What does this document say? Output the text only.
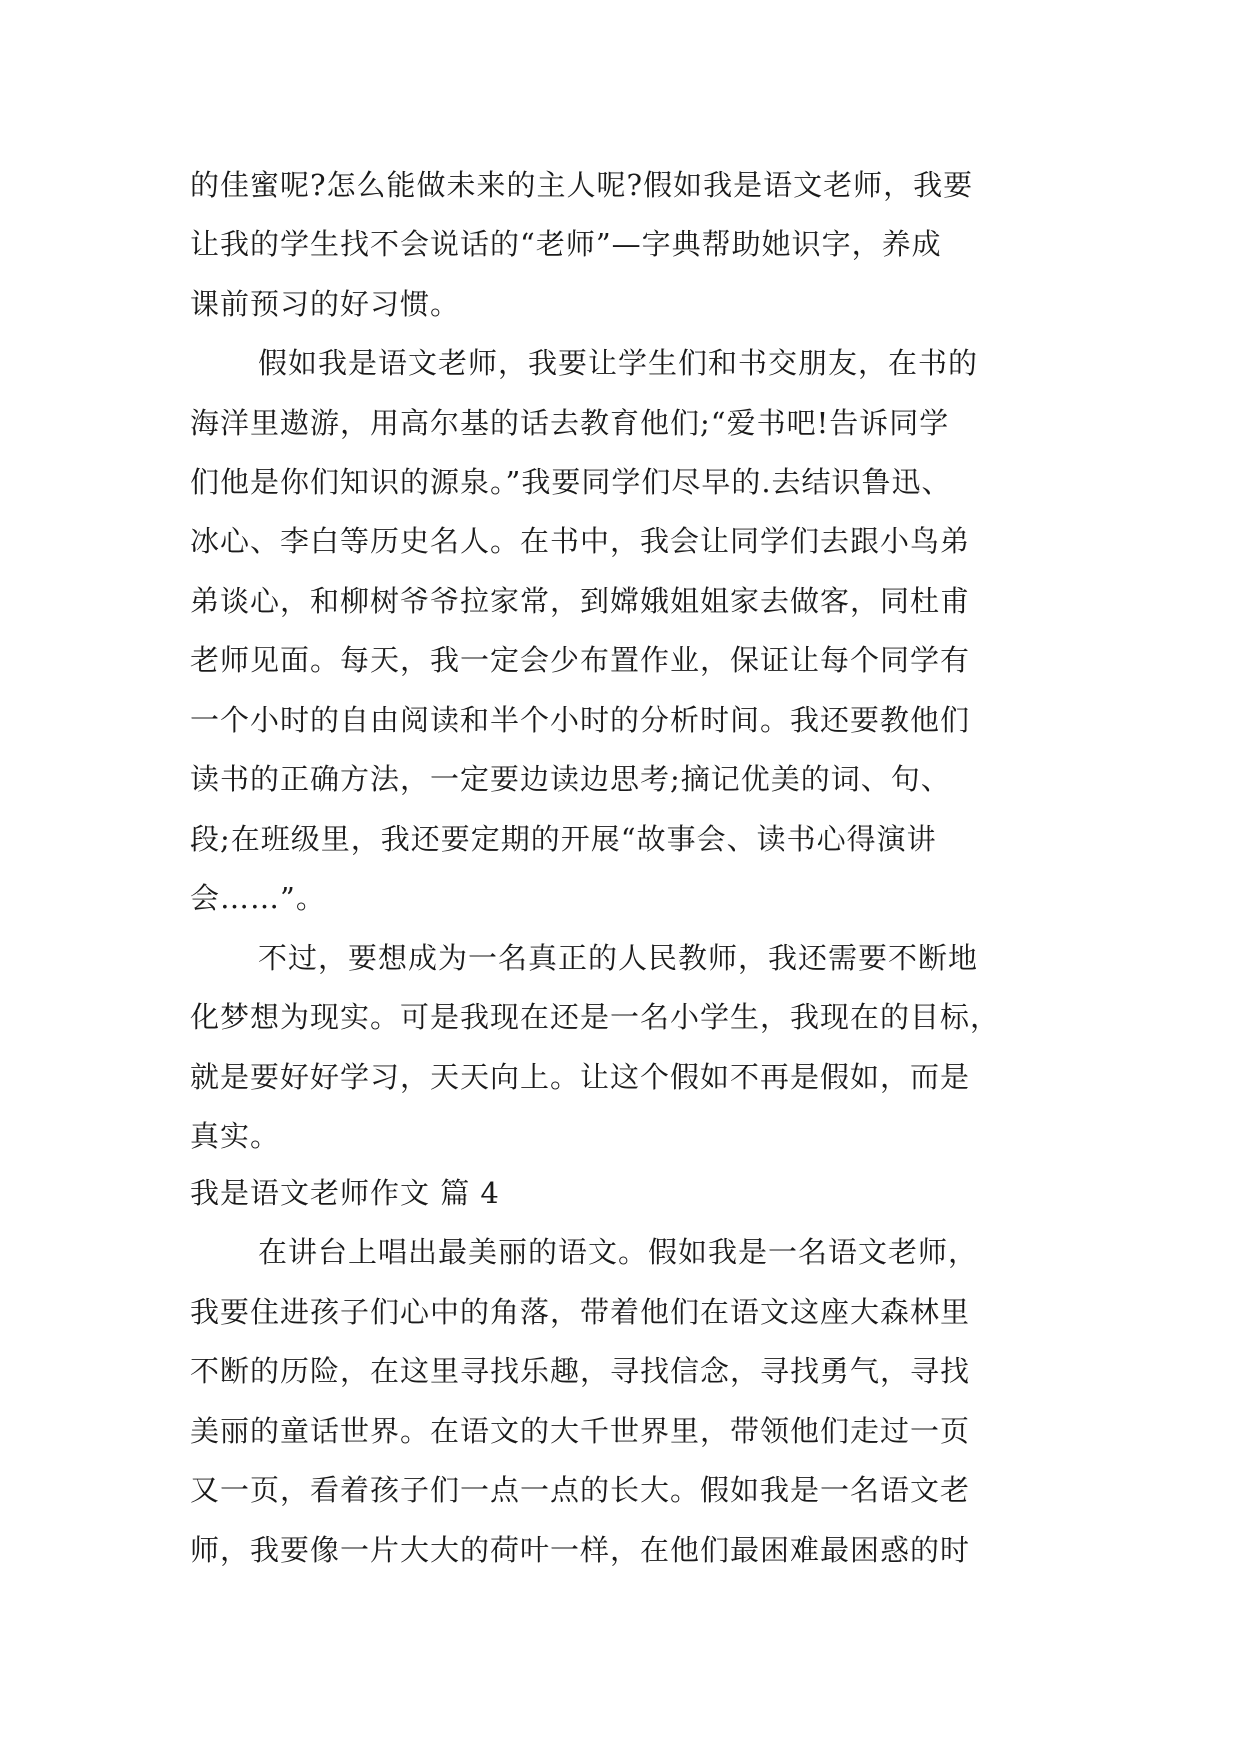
的佳蜜呢?怎么能做未来的主人呢?假如我是语文老师，我要
让我的学生找不会说话的“老师”—字典帮助她识字，养成
课前预习的好习惯。
假如我是语文老师，我要让学生们和书交朋友，在书的
海洋里遨游，用高尔基的话去教育他们;“爱书吧!告诉同学
们他是你们知识的源泉。”我要同学们尽早的.去结识鲁迅、
冰心、李白等历史名人。在书中，我会让同学们去跟小鸟弟
弟谈心，和柳树爷爷拉家常，到嫦娥姐姐家去做客，同杜甫
老师见面。每天，我一定会少布置作业，保证让每个同学有
一个小时的自由阅读和半个小时的分析时间。我还要教他们
读书的正确方法，一定要边读边思考;摘记优美的词、句、
段;在班级里，我还要定期的开展“故事会、读书心得演讲
会……”。
不过，要想成为一名真正的人民教师，我还需要不断地
化梦想为现实。可是我现在还是一名小学生，我现在的目标，
就是要好好学习，天天向上。让这个假如不再是假如，而是
真实。
我是语文老师作文 篇 4
在讲台上唱出最美丽的语文。假如我是一名语文老师，
我要住进孩子们心中的角落，带着他们在语文这座大森林里
不断的历险，在这里寻找乐趣，寻找信念，寻找勇气，寻找
美丽的童话世界。在语文的大千世界里，带领他们走过一页
又一页，看着孩子们一点一点的长大。假如我是一名语文老
师，我要像一片大大的荷叶一样，在他们最困难最困惑的时
